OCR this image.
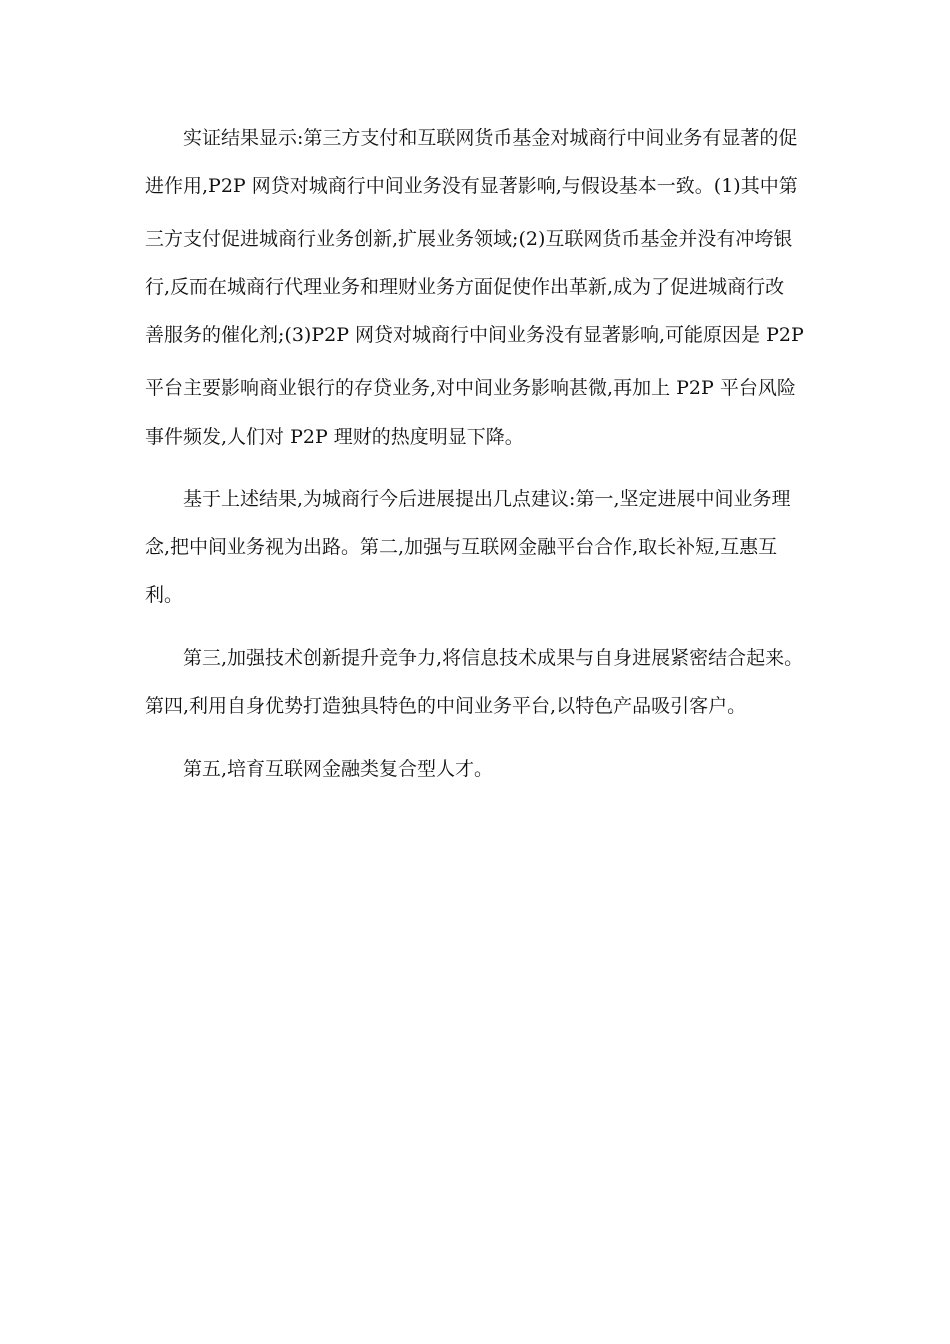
实证结果显示:第三方支付和互联网货币基金对城商行中间业务有显著的促
进作用,P2P 网贷对城商行中间业务没有显著影响,与假设基本一致。(1)其中第
三方支付促进城商行业务创新,扩展业务领域;(2)互联网货币基金并没有冲垮银
行,反而在城商行代理业务和理财业务方面促使作出革新,成为了促进城商行改
善服务的催化剂;(3)P2P 网贷对城商行中间业务没有显著影响,可能原因是 P2P
平台主要影响商业银行的存贷业务,对中间业务影响甚微,再加上 P2P 平台风险
事件频发,人们对 P2P 理财的热度明显下降。
基于上述结果,为城商行今后进展提出几点建议:第一,坚定进展中间业务理
念,把中间业务视为出路。第二,加强与互联网金融平台合作,取长补短,互惠互
利。
第三,加强技术创新提升竞争力,将信息技术成果与自身进展紧密结合起来。
第四,利用自身优势打造独具特色的中间业务平台,以特色产品吸引客户。
第五,培育互联网金融类复合型人才。
